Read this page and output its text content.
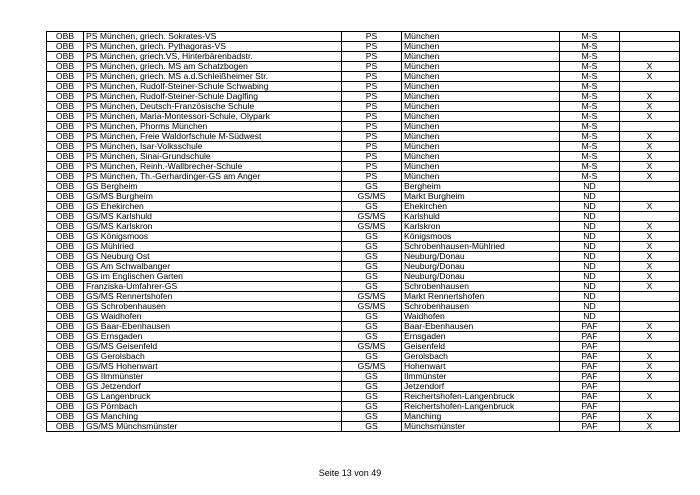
OBB	PS München, griech. Sokrates-VS	PS	München	M-S	
OBB	PS München, griech. Pythagoras-VS	PS	München	M-S	
OBB	PS München, griech.VS, Hinterbärenbadstr.	PS	München	M-S	
OBB	PS München, griech. MS am Schatzbogen	PS	München	M-S	X
OBB	PS München, griech. MS a.d.Schleißheimer Str.	PS	München	M-S	X
OBB	PS München, Rudolf-Steiner-Schule Schwabing	PS	München	M-S	
OBB	PS München, Rudolf-Steiner-Schule Daglfing	PS	München	M-S	X
OBB	PS München, Deutsch-Französische Schule	PS	München	M-S	X
OBB	PS München, Maria-Montessori-Schule, Olypark	PS	München	M-S	X
OBB	PS München, Phorms München	PS	München	M-S	
OBB	PS München, Freie Waldorfschule M-Südwest	PS	München	M-S	X
OBB	PS München, Isar-Volksschule	PS	München	M-S	X
OBB	PS München, Sinai-Grundschule	PS	München	M-S	X
OBB	PS München, Reinh.-Wallbrecher-Schule	PS	München	M-S	X
OBB	PS München, Th.-Gerhardinger-GS am Anger	PS	München	M-S	X
OBB	GS Bergheim	GS	Bergheim	ND	
OBB	GS/MS Burgheim	GS/MS	Markt Burgheim	ND	
OBB	GS Ehekirchen	GS	Ehekirchen	ND	X
OBB	GS/MS Karlshuld	GS/MS	Karlshuld	ND	
OBB	GS/MS Karlskron	GS/MS	Karlskron	ND	X
OBB	GS Königsmoos	GS	Königsmoos	ND	X
OBB	GS Mühlried	GS	Schrobenhausen-Mühlried	ND	X
OBB	GS Neuburg Ost	GS	Neuburg/Donau	ND	X
OBB	GS Am Schwalbanger	GS	Neuburg/Donau	ND	X
OBB	GS im Englischen Garten	GS	Neuburg/Donau	ND	X
OBB	Franziska-Umfahrer-GS	GS	Schrobenhausen	ND	X
OBB	GS/MS Rennertshofen	GS/MS	Markt Rennertshofen	ND	
OBB	GS Schrobenhausen	GS/MS	Schrobenhausen	ND	
OBB	GS Waidhofen	GS	Waidhofen	ND	
OBB	GS Baar-Ebenhausen	GS	Baar-Ebenhausen	PAF	X
OBB	GS Ernsgaden	GS	Ernsgaden	PAF	X
OBB	GS/MS Geisenfeld	GS/MS	Geisenfeld	PAF	
OBB	GS Gerolsbach	GS	Gerolsbach	PAF	X
OBB	GS/MS Hohenwart	GS/MS	Hohenwart	PAF	X
OBB	GS Ilmmünster	GS	Ilmmünster	PAF	X
OBB	GS Jetzendorf	GS	Jetzendorf	PAF	
OBB	GS Langenbruck	GS	Reichertshofen-Langenbruck	PAF	X
OBB	GS Pörnbach	GS	Reichertshofen-Langenbruck	PAF	
OBB	GS Manching	GS	Manching	PAF	X
OBB	GS/MS Münchsmünster	GS	Münchsmünster	PAF	X
Seite 13 von 49
